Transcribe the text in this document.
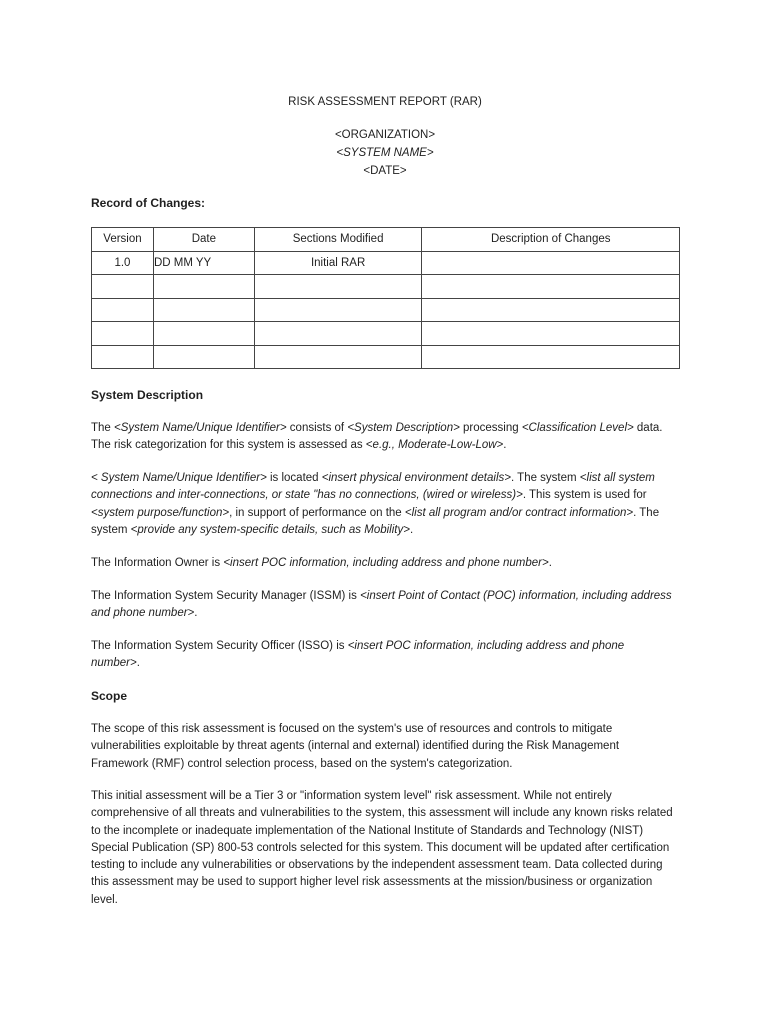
RISK ASSESSMENT REPORT (RAR)
<ORGANIZATION>
<SYSTEM NAME>
<DATE>
Record of Changes:
Version	Date	Sections Modified	Description of Changes
1.0	DD MM YY	Initial RAR	

System Description
The <System Name/Unique Identifier> consists of <System Description> processing <Classification Level> data. The risk categorization for this system is assessed as <e.g., Moderate-Low-Low>.
< System Name/Unique Identifier> is located <insert physical environment details>. The system <list all system connections and inter-connections, or state "has no connections, (wired or wireless)>. This system is used for <system purpose/function>, in support of performance on the <list all program and/or contract information>. The system <provide any system-specific details, such as Mobility>.
The Information Owner is <insert POC information, including address and phone number>.
The Information System Security Manager (ISSM) is <insert Point of Contact (POC) information, including address and phone number>.
The Information System Security Officer (ISSO) is <insert POC information, including address and phone number>.
Scope
The scope of this risk assessment is focused on the system's use of resources and controls to mitigate vulnerabilities exploitable by threat agents (internal and external) identified during the Risk Management Framework (RMF) control selection process, based on the system's categorization.
This initial assessment will be a Tier 3 or "information system level" risk assessment. While not entirely comprehensive of all threats and vulnerabilities to the system, this assessment will include any known risks related to the incomplete or inadequate implementation of the National Institute of Standards and Technology (NIST) Special Publication (SP) 800-53 controls selected for this system. This document will be updated after certification testing to include any vulnerabilities or observations by the independent assessment team. Data collected during this assessment may be used to support higher level risk assessments at the mission/business or organization level.
